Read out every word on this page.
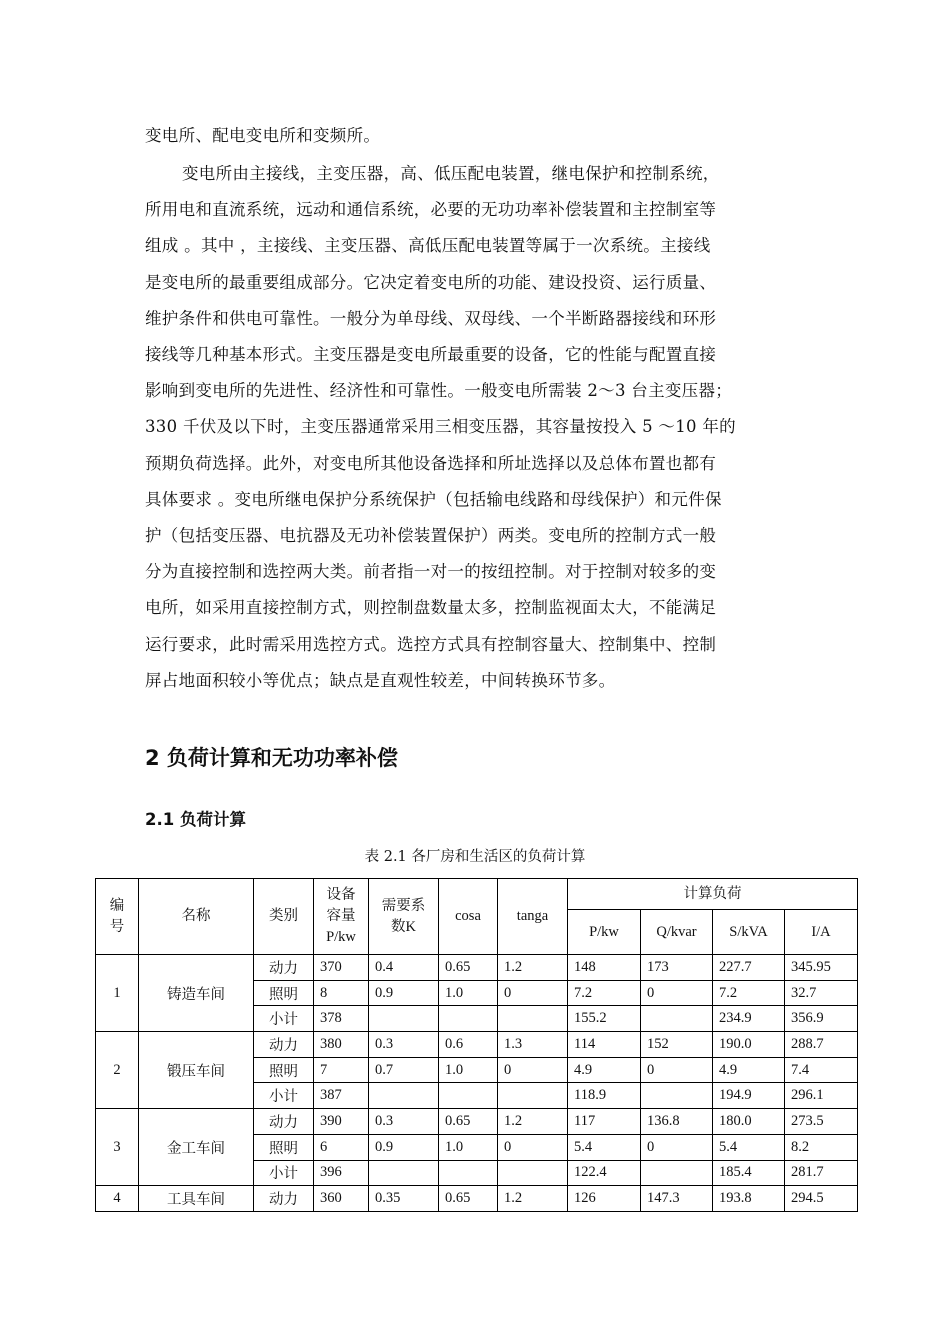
变电所、配电变电所和变频所。
变电所由主接线，主变压器，高、低压配电装置，继电保护和控制系统，
所用电和直流系统，远动和通信系统，必要的无功功率补偿装置和主控制室等
组成 。其中 ，主接线、主变压器、高低压配电装置等属于一次系统。主接线
是变电所的最重要组成部分。它决定着变电所的功能、建设投资、运行质量、
维护条件和供电可靠性。一般分为单母线、双母线、一个半断路器接线和环形
接线等几种基本形式。主变压器是变电所最重要的设备，它的性能与配置直接
影响到变电所的先进性、经济性和可靠性。一般变电所需装 2～3 台主变压器；
330 千伏及以下时，主变压器通常采用三相变压器，其容量按投入 5 ～10 年的
预期负荷选择。此外，对变电所其他设备选择和所址选择以及总体布置也都有
具体要求 。变电所继电保护分系统保护（包括输电线路和母线保护）和元件保
护（包括变压器、电抗器及无功补偿装置保护）两类。变电所的控制方式一般
分为直接控制和选控两大类。前者指一对一的按纽控制。对于控制对较多的变
电所，如采用直接控制方式，则控制盘数量太多，控制监视面太大，不能满足
运行要求，此时需采用选控方式。选控方式具有控制容量大、控制集中、控制
屏占地面积较小等优点；缺点是直观性较差，中间转换环节多。
2 负荷计算和无功功率补偿
2.1 负荷计算
表 2.1 各厂房和生活区的负荷计算
编号	名称	类别	设备容量P/kw	需要系数K	cosa	tanga	计算负荷			
							P/kw	Q/kvar	S/kVA	I/A
1	铸造车间	动力	370	0.4	0.65	1.2	148	173	227.7	345.95
		照明	8	0.9	1.0	0	7.2	0	7.2	32.7
		小计	378				155.2		234.9	356.9
2	锻压车间	动力	380	0.3	0.6	1.3	114	152	190.0	288.7
		照明	7	0.7	1.0	0	4.9	0	4.9	7.4
		小计	387				118.9		194.9	296.1
3	金工车间	动力	390	0.3	0.65	1.2	117	136.8	180.0	273.5
		照明	6	0.9	1.0	0	5.4	0	5.4	8.2
		小计	396				122.4		185.4	281.7
4	工具车间	动力	360	0.35	0.65	1.2	126	147.3	193.8	294.5
